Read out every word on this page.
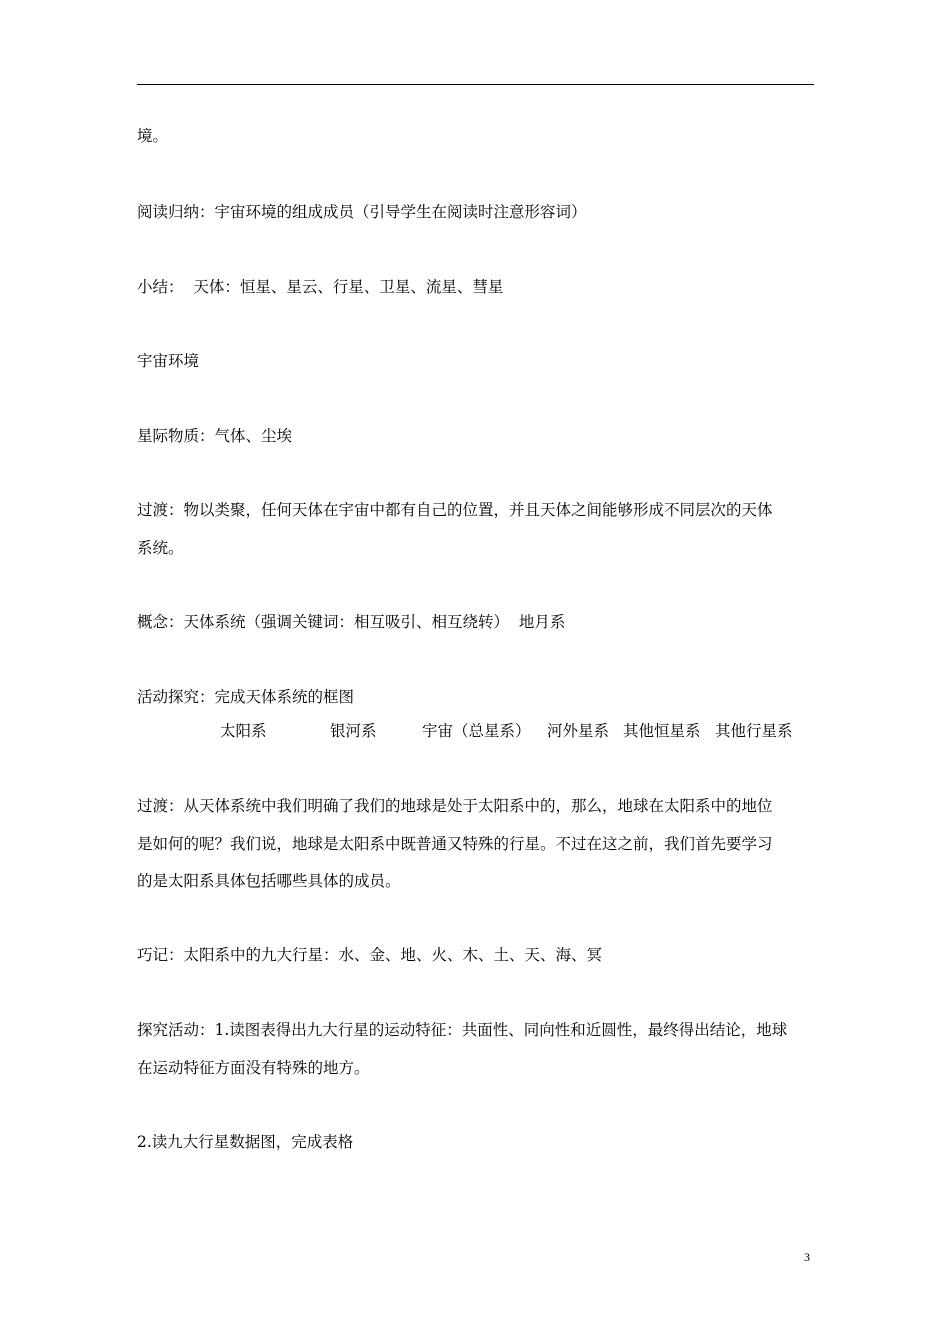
境。
阅读归纳：宇宙环境的组成成员（引导学生在阅读时注意形容词）
小结：  天体：恒星、星云、行星、卫星、流星、彗星
宇宙环境
星际物质：气体、尘埃
过渡：物以类聚，任何天体在宇宙中都有自己的位置，并且天体之间能够形成不同层次的天体
系统。
概念：天体系统（强调关键词：相互吸引、相互绕转）  地月系
活动探究：完成天体系统的框图
太阳系	银河系	宇宙（总星系） 河外星系 其他恒星系 其他行星系
过渡：从天体系统中我们明确了我们的地球是处于太阳系中的，那么，地球在太阳系中的地位
是如何的呢？我们说，地球是太阳系中既普通又特殊的行星。不过在这之前，我们首先要学习
的是太阳系具体包括哪些具体的成员。
巧记：太阳系中的九大行星：水、金、地、火、木、土、天、海、冥
探究活动：1.读图表得出九大行星的运动特征：共面性、同向性和近圆性，最终得出结论，地球
在运动特征方面没有特殊的地方。
2.读九大行星数据图，完成表格
3
